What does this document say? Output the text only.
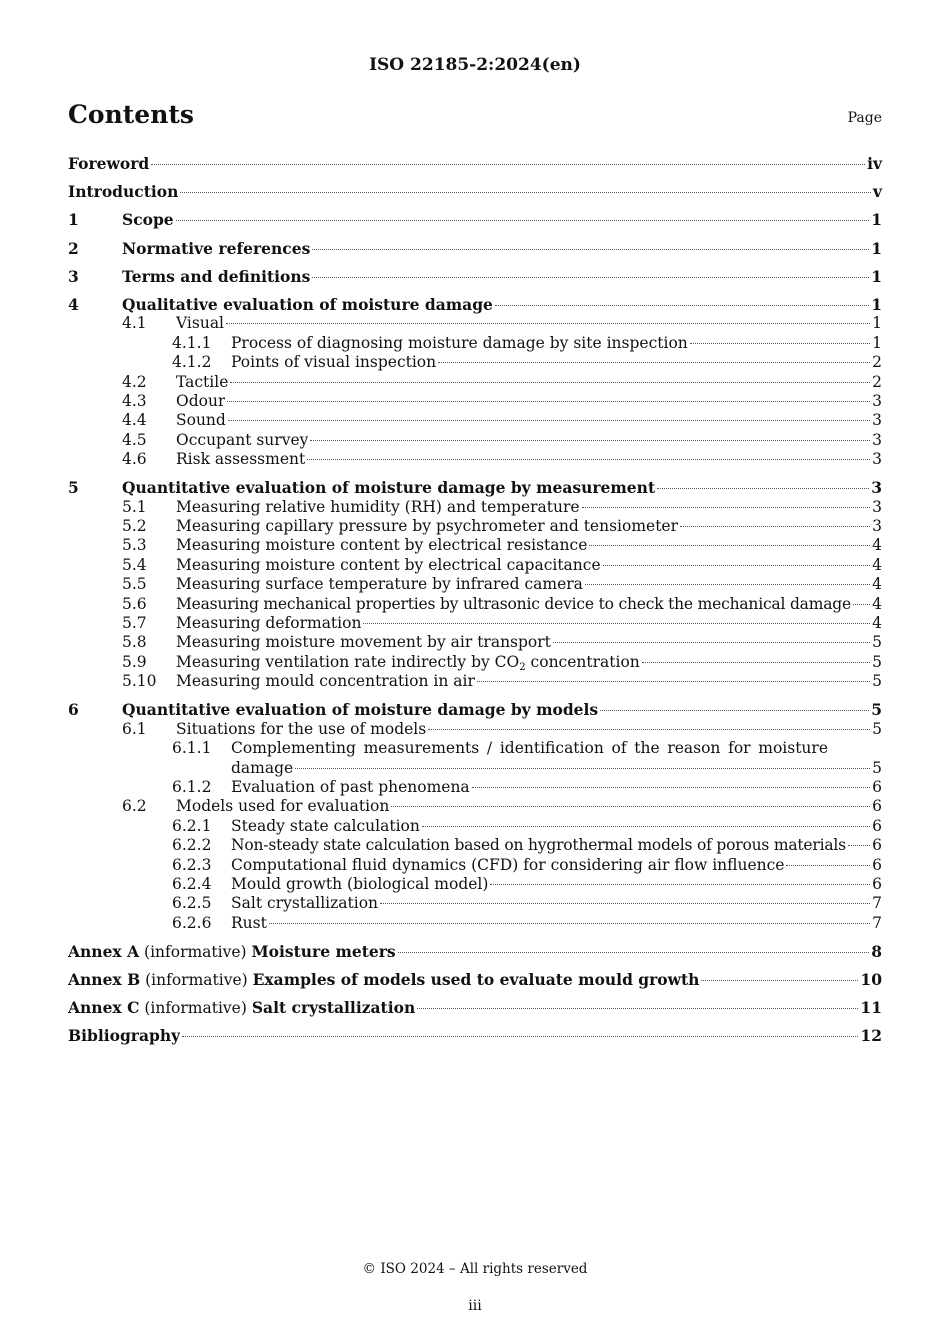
ISO 22185-2:2024(en)
Contents	Page
Foreword	iv
Introduction	v
1	Scope	1
2	Normative references	1
3	Terms and definitions	1
4	Qualitative evaluation of moisture damage	1
4.1	Visual	1
4.1.1	Process of diagnosing moisture damage by site inspection	1
4.1.2	Points of visual inspection	2
4.2	Tactile	2
4.3	Odour	3
4.4	Sound	3
4.5	Occupant survey	3
4.6	Risk assessment	3
5	Quantitative evaluation of moisture damage by measurement	3
5.1	Measuring relative humidity (RH) and temperature	3
5.2	Measuring capillary pressure by psychrometer and tensiometer	3
5.3	Measuring moisture content by electrical resistance	4
5.4	Measuring moisture content by electrical capacitance	4
5.5	Measuring surface temperature by infrared camera	4
5.6	Measuring mechanical properties by ultrasonic device to check the mechanical damage 4
5.7	Measuring deformation	4
5.8	Measuring moisture movement by air transport	5
5.9	Measuring ventilation rate indirectly by $CO_2$ concentration	5
5.10	Measuring mould concentration in air	5
6	Quantitative evaluation of moisture damage by models	5
6.1	Situations for the use of models	5
6.1.1 Complementing measurements / identification of the reason for moisture
damage	5
6.1.2	Evaluation of past phenomena	6
6.2	Models used for evaluation	6
6.2.1	Steady state calculation	6
6.2.2	Non-steady state calculation based on hygrothermal models of porous materials 6
6.2.3	Computational fluid dynamics (CFD) for considering air flow influence	6
6.2.4	Mould growth (biological model)	6
6.2.5	Salt crystallization	7
6.2.6	Rust	7
Annex A (informative) Moisture meters	8
Annex B (informative) Examples of models used to evaluate mould growth	10
Annex C (informative) Salt crystallization	11
Bibliography	12
© ISO 2024 – All rights reserved
iii
